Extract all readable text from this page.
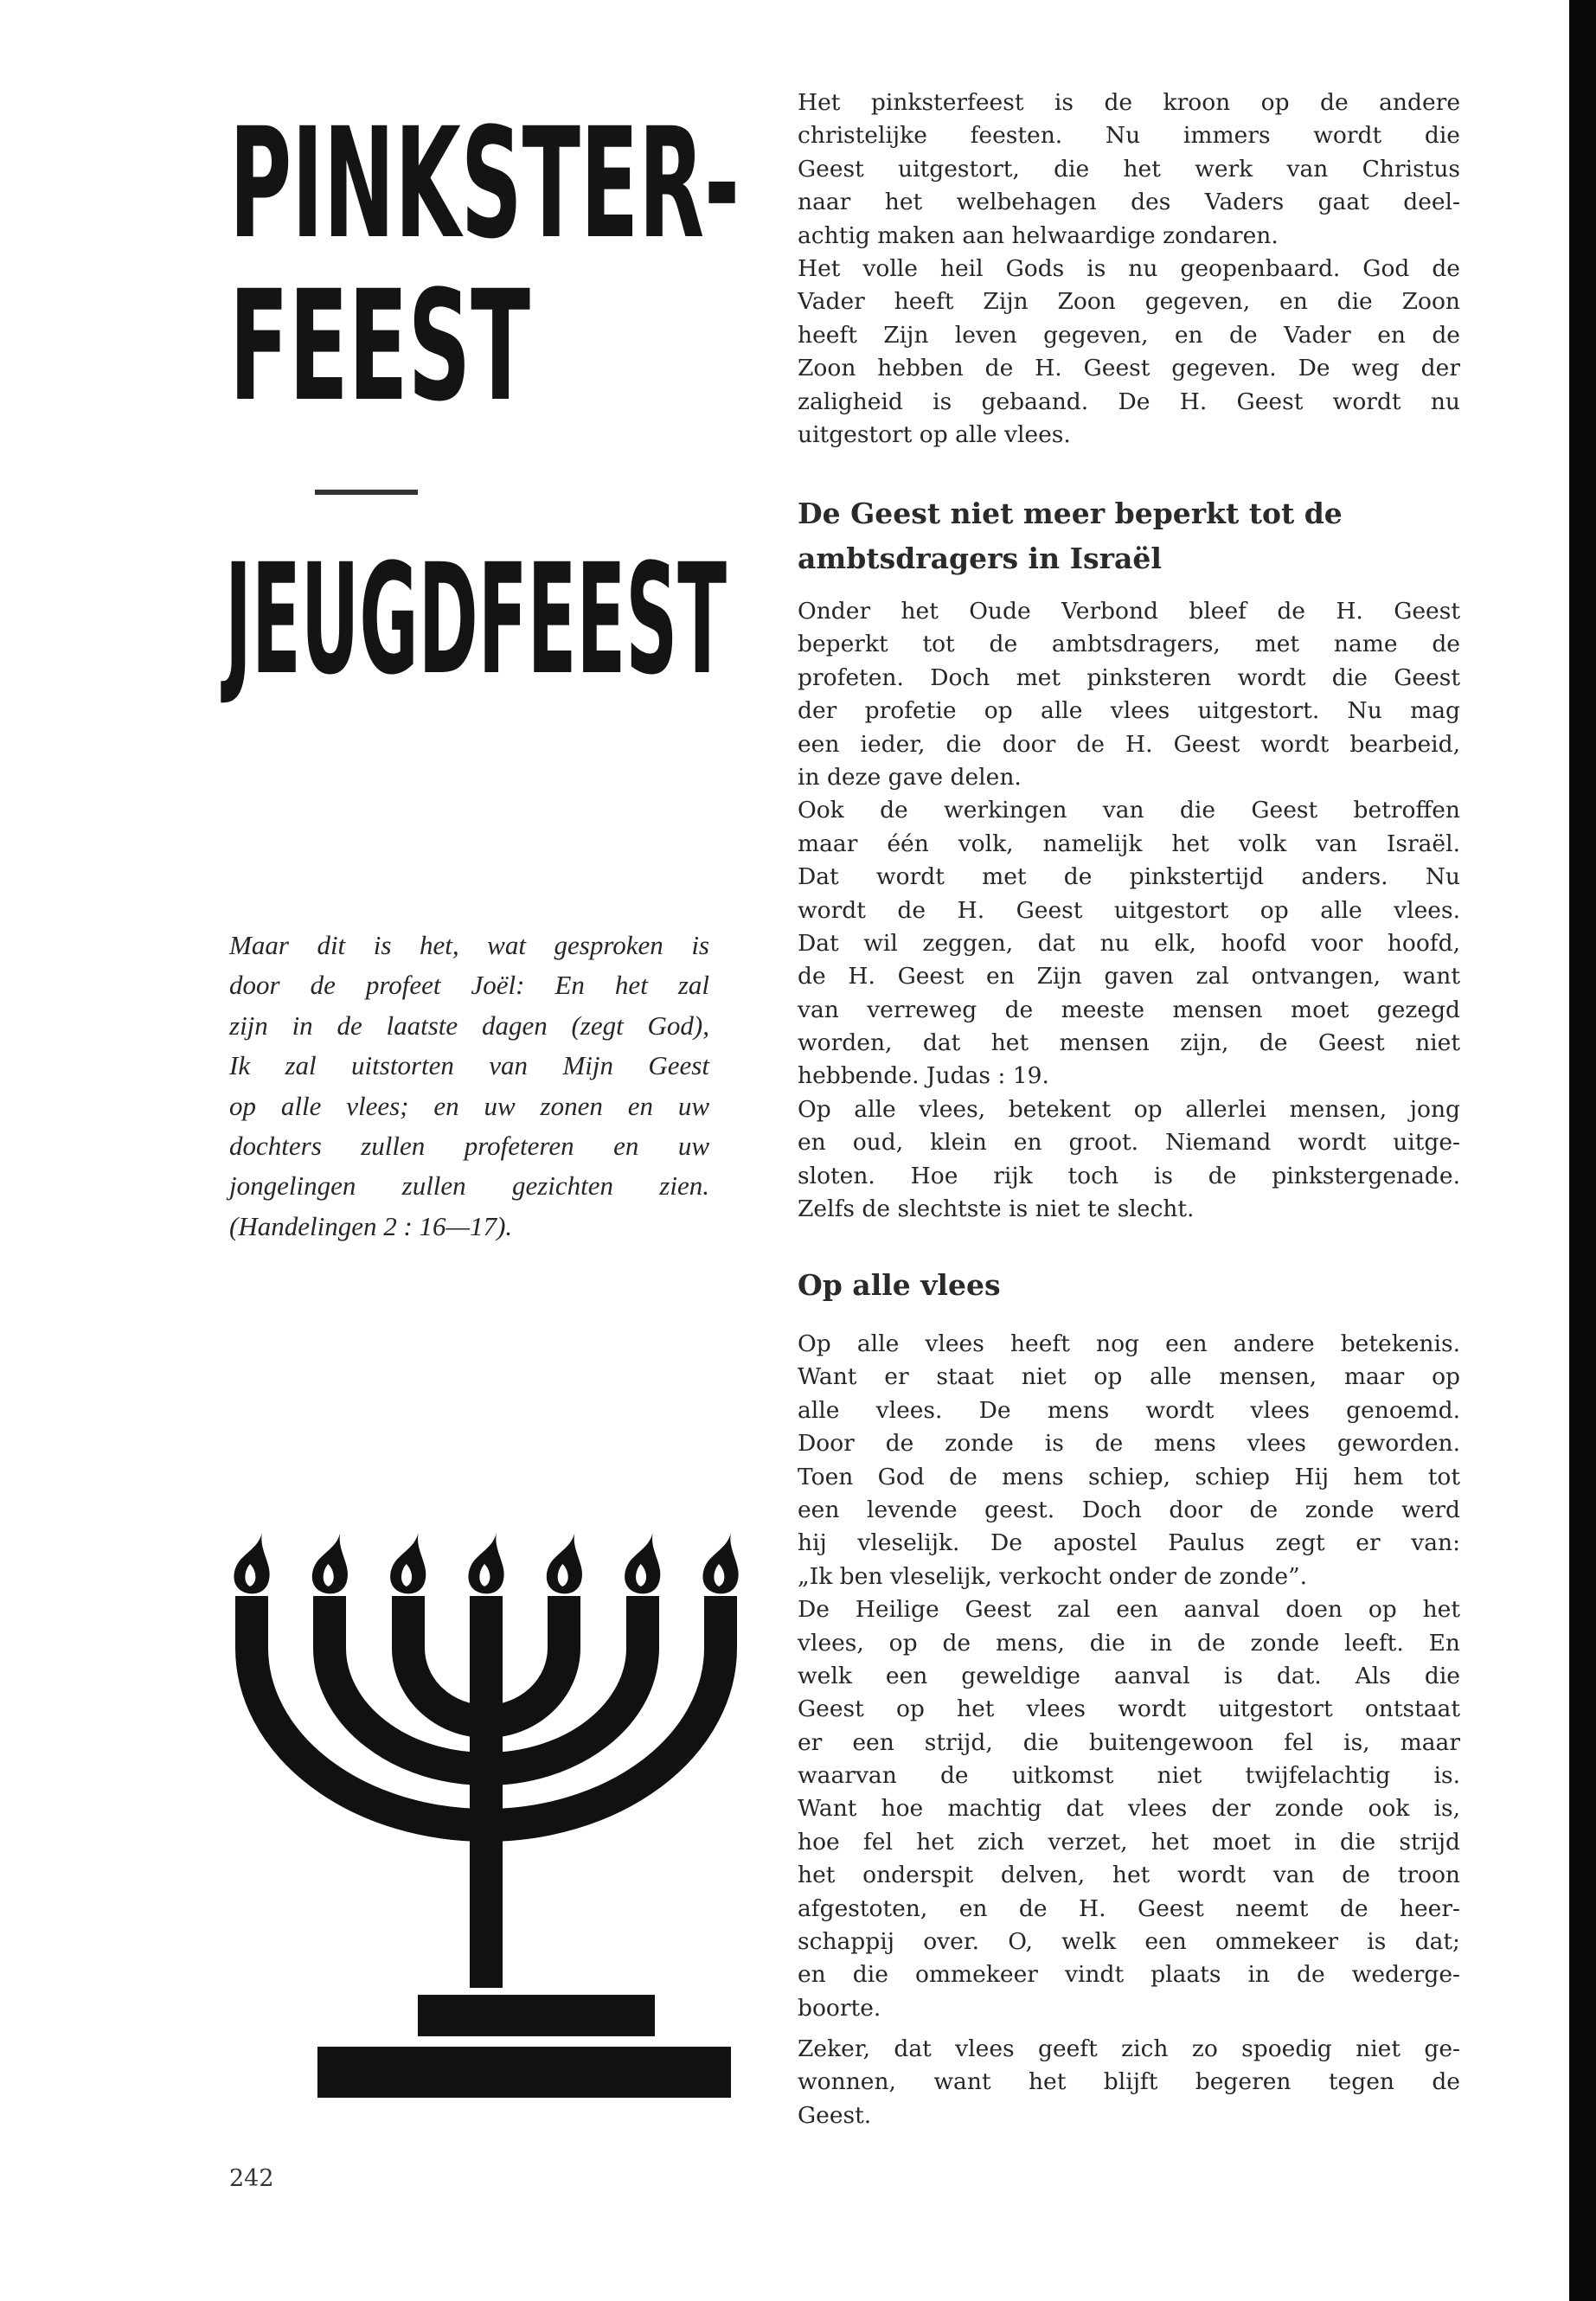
PINKSTER-
FEEST
JEUGDFEEST
Maar dit is het, wat gesproken is
door de profeet Joël: En het zal
zijn in de laatste dagen (zegt God),
Ik zal uitstorten van Mijn Geest
op alle vlees; en uw zonen en uw
dochters zullen profeteren en uw
jongelingen zullen gezichten zien.
(Handelingen 2 : 16—17).
242
Het pinksterfeest is de kroon op de andere
christelijke feesten. Nu immers wordt die
Geest uitgestort, die het werk van Christus
naar het welbehagen des Vaders gaat deel-
achtig maken aan helwaardige zondaren.
Het volle heil Gods is nu geopenbaard. God de
Vader heeft Zijn Zoon gegeven, en die Zoon
heeft Zijn leven gegeven, en de Vader en de
Zoon hebben de H. Geest gegeven. De weg der
zaligheid is gebaand. De H. Geest wordt nu
uitgestort op alle vlees.
De Geest niet meer beperkt tot de
ambtsdragers in Israël
Onder het Oude Verbond bleef de H. Geest
beperkt tot de ambtsdragers, met name de
profeten. Doch met pinksteren wordt die Geest
der profetie op alle vlees uitgestort. Nu mag
een ieder, die door de H. Geest wordt bearbeid,
in deze gave delen.
Ook de werkingen van die Geest betroffen
maar één volk, namelijk het volk van Israël.
Dat wordt met de pinkstertijd anders. Nu
wordt de H. Geest uitgestort op alle vlees.
Dat wil zeggen, dat nu elk, hoofd voor hoofd,
de H. Geest en Zijn gaven zal ontvangen, want
van verreweg de meeste mensen moet gezegd
worden, dat het mensen zijn, de Geest niet
hebbende. Judas : 19.
Op alle vlees, betekent op allerlei mensen, jong
en oud, klein en groot. Niemand wordt uitge-
sloten. Hoe rijk toch is de pinkstergenade.
Zelfs de slechtste is niet te slecht.
Op alle vlees
Op alle vlees heeft nog een andere betekenis.
Want er staat niet op alle mensen, maar op
alle vlees. De mens wordt vlees genoemd.
Door de zonde is de mens vlees geworden.
Toen God de mens schiep, schiep Hij hem tot
een levende geest. Doch door de zonde werd
hij vleselijk. De apostel Paulus zegt er van:
„Ik ben vleselijk, verkocht onder de zonde”.
De Heilige Geest zal een aanval doen op het
vlees, op de mens, die in de zonde leeft. En
welk een geweldige aanval is dat. Als die
Geest op het vlees wordt uitgestort ontstaat
er een strijd, die buitengewoon fel is, maar
waarvan de uitkomst niet twijfelachtig is.
Want hoe machtig dat vlees der zonde ook is,
hoe fel het zich verzet, het moet in die strijd
het onderspit delven, het wordt van de troon
afgestoten, en de H. Geest neemt de heer-
schappij over. O, welk een ommekeer is dat;
en die ommekeer vindt plaats in de wederge-
boorte.
Zeker, dat vlees geeft zich zo spoedig niet ge-
wonnen, want het blijft begeren tegen de
Geest.
